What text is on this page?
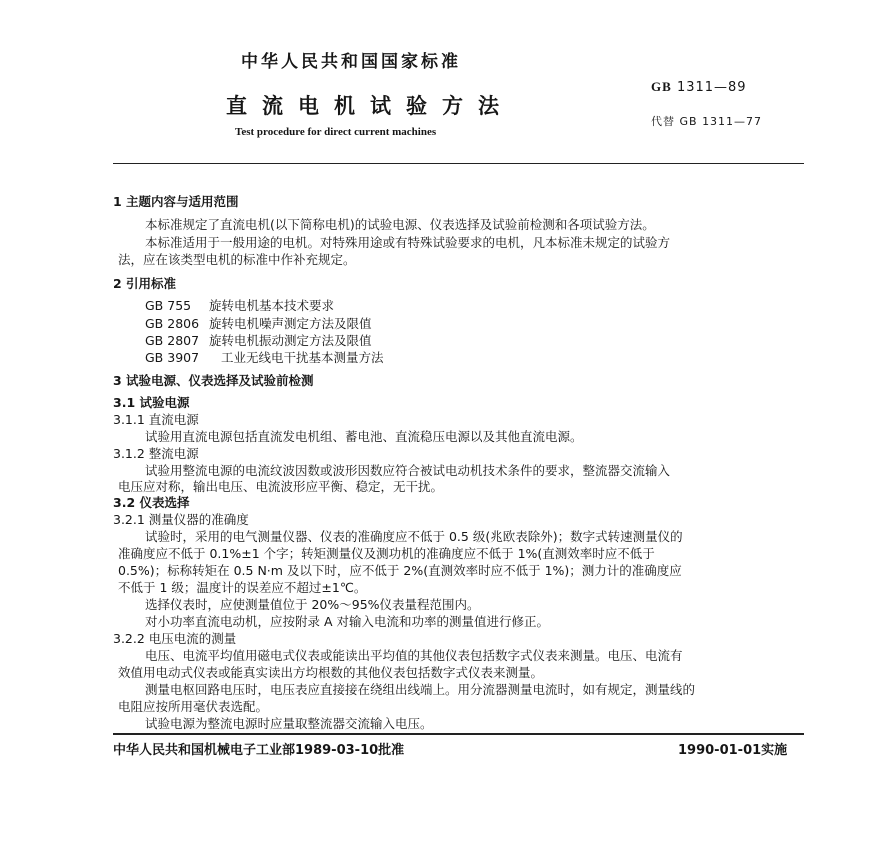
中华人民共和国国家标准
直流电机试验方法
Test procedure for direct current machines
GB 1311—89
代替 GB 1311—77
1 主题内容与适用范围
本标准规定了直流电机(以下简称电机)的试验电源、仪表选择及试验前检测和各项试验方法。
本标准适用于一般用途的电机。对特殊用途或有特殊试验要求的电机，凡本标准未规定的试验方
法，应在该类型电机的标准中作补充规定。
2 引用标准
GB 755 旋转电机基本技术要求
GB 2806 旋转电机噪声测定方法及限值
GB 2807 旋转电机振动测定方法及限值
GB 3907 工业无线电干扰基本测量方法
3 试验电源、仪表选择及试验前检测
3.1 试验电源
3.1.1 直流电源
试验用直流电源包括直流发电机组、蓄电池、直流稳压电源以及其他直流电源。
3.1.2 整流电源
试验用整流电源的电流纹波因数或波形因数应符合被试电动机技术条件的要求，整流器交流输入
电压应对称，输出电压、电流波形应平衡、稳定，无干扰。
3.2 仪表选择
3.2.1 测量仪器的准确度
试验时，采用的电气测量仪器、仪表的准确度应不低于 0.5 级(兆欧表除外)；数字式转速测量仪的
准确度应不低于 0.1%±1 个字；转矩测量仪及测功机的准确度应不低于 1%(直测效率时应不低于
0.5%)；标称转矩在 0.5 N·m 及以下时，应不低于 2%(直测效率时应不低于 1%)；测力计的准确度应
不低于 1 级；温度计的误差应不超过±1℃。
选择仪表时，应使测量值位于 20%～95%仪表量程范围内。
对小功率直流电动机，应按附录 A 对输入电流和功率的测量值进行修正。
3.2.2 电压电流的测量
电压、电流平均值用磁电式仪表或能读出平均值的其他仪表包括数字式仪表来测量。电压、电流有
效值用电动式仪表或能真实读出方均根数的其他仪表包括数字式仪表来测量。
测量电枢回路电压时，电压表应直接接在绕组出线端上。用分流器测量电流时，如有规定，测量线的
电阻应按所用毫伏表选配。
试验电源为整流电源时应量取整流器交流输入电压。
中华人民共和国机械电子工业部1989-03-10批准	1990-01-01实施
